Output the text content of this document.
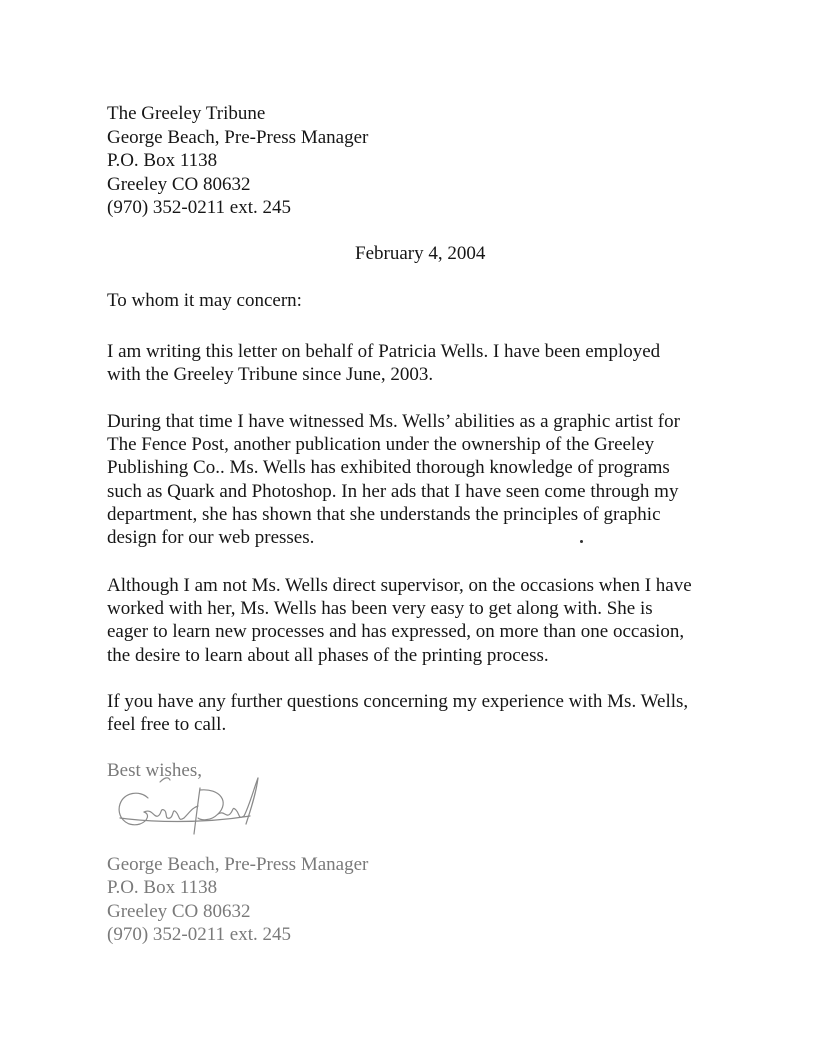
The Greeley Tribune
George Beach, Pre-Press Manager
P.O. Box 1138
Greeley CO 80632
(970) 352-0211 ext. 245
February 4, 2004
To whom it may concern:
I am writing this letter on behalf of Patricia Wells. I have been employed
with the Greeley Tribune since June, 2003.
During that time I have witnessed Ms. Wells’ abilities as a graphic artist for
The Fence Post, another publication under the ownership of the Greeley
Publishing Co.. Ms. Wells has exhibited thorough knowledge of programs
such as Quark and Photoshop. In her ads that I have seen come through my
department, she has shown that she understands the principles of graphic
design for our web presses.
Although I am not Ms. Wells direct supervisor, on the occasions when I have
worked with her, Ms. Wells has been very easy to get along with. She is
eager to learn new processes and has expressed, on more than one occasion,
the desire to learn about all phases of the printing process.
If you have any further questions concerning my experience with Ms. Wells,
feel free to call.
Best wishes,
George Beach, Pre-Press Manager
P.O. Box 1138
Greeley CO 80632
(970) 352-0211 ext. 245
